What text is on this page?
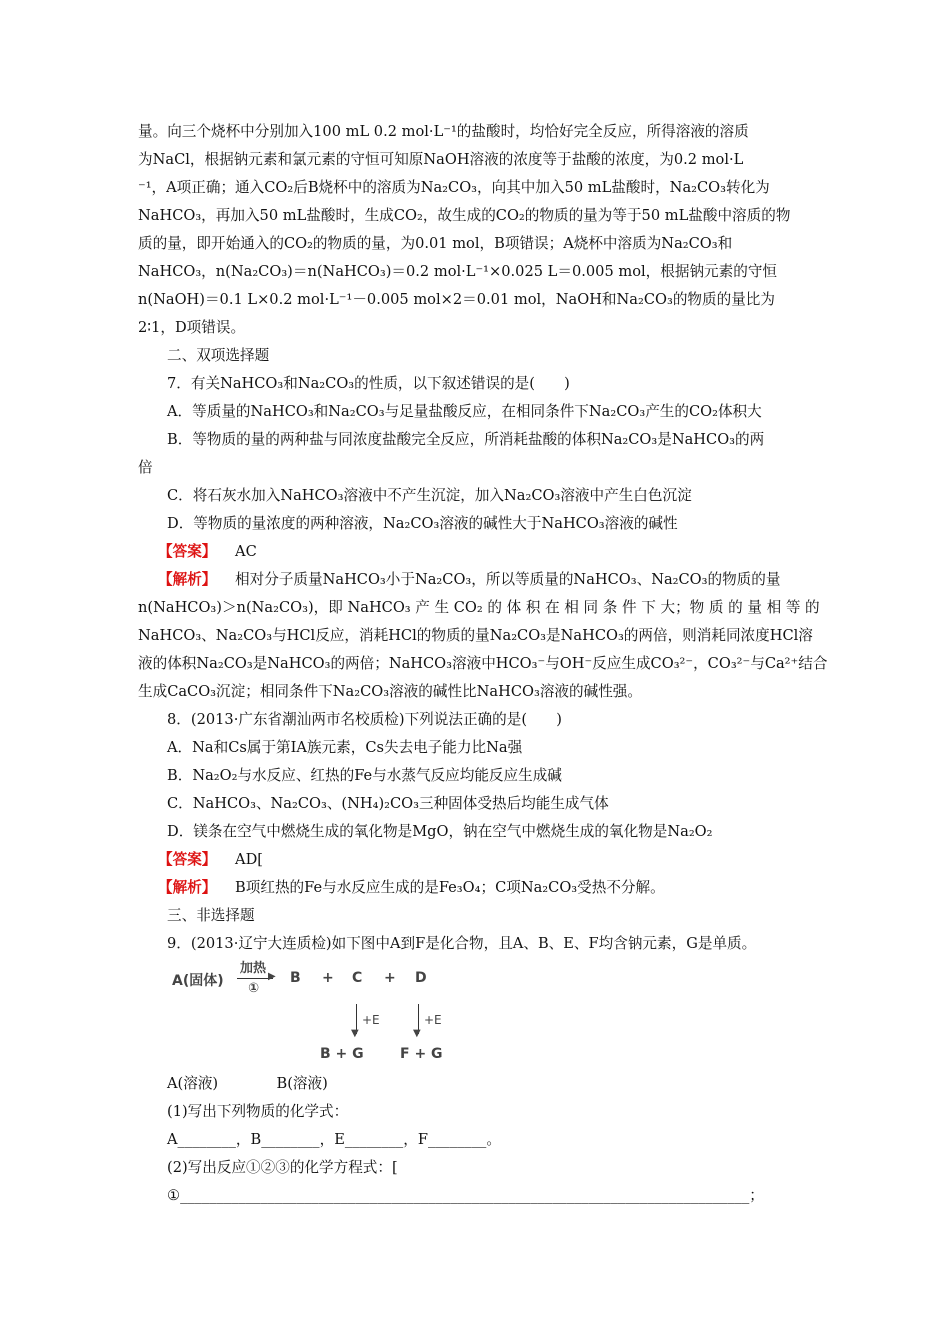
量。向三个烧杯中分别加入100 mL 0.2 mol·L⁻¹的盐酸时，均恰好完全反应，所得溶液的溶质
为NaCl，根据钠元素和氯元素的守恒可知原NaOH溶液的浓度等于盐酸的浓度，为0.2 mol·L
⁻¹，A项正确；通入CO₂后B烧杯中的溶质为Na₂CO₃，向其中加入50 mL盐酸时，Na₂CO₃转化为
NaHCO₃，再加入50 mL盐酸时，生成CO₂，故生成的CO₂的物质的量为等于50 mL盐酸中溶质的物
质的量，即开始通入的CO₂的物质的量，为0.01 mol，B项错误；A烧杯中溶质为Na₂CO₃和
NaHCO₃，n(Na₂CO₃)＝n(NaHCO₃)＝0.2 mol·L⁻¹×0.025 L＝0.005 mol，根据钠元素的守恒
n(NaOH)＝0.1 L×0.2 mol·L⁻¹－0.005 mol×2＝0.01 mol，NaOH和Na₂CO₃的物质的量比为
2∶1，D项错误。
二、双项选择题
7．有关NaHCO₃和Na₂CO₃的性质，以下叙述错误的是(　　)
A．等质量的NaHCO₃和Na₂CO₃与足量盐酸反应，在相同条件下Na₂CO₃产生的CO₂体积大
B．等物质的量的两种盐与同浓度盐酸完全反应，所消耗盐酸的体积Na₂CO₃是NaHCO₃的两
倍
C．将石灰水加入NaHCO₃溶液中不产生沉淀，加入Na₂CO₃溶液中产生白色沉淀
D．等物质的量浓度的两种溶液，Na₂CO₃溶液的碱性大于NaHCO₃溶液的碱性
【答案】 AC
【解析】 相对分子质量NaHCO₃小于Na₂CO₃，所以等质量的NaHCO₃、Na₂CO₃的物质的量
n(NaHCO₃)＞n(Na₂CO₃)，即 NaHCO₃ 产 生 CO₂ 的 体 积 在 相 同 条 件 下 大；物 质 的 量 相 等 的
NaHCO₃、Na₂CO₃与HCl反应，消耗HCl的物质的量Na₂CO₃是NaHCO₃的两倍，则消耗同浓度HCl溶
液的体积Na₂CO₃是NaHCO₃的两倍；NaHCO₃溶液中HCO₃⁻与OH⁻反应生成CO₃²⁻，CO₃²⁻与Ca²⁺结合
生成CaCO₃沉淀；相同条件下Na₂CO₃溶液的碱性比NaHCO₃溶液的碱性强。
8．(2013·广东省潮汕两市名校质检)下列说法正确的是(　　)
A．Na和Cs属于第ⅠA族元素，Cs失去电子能力比Na强
B．Na₂O₂与水反应、红热的Fe与水蒸气反应均能反应生成碱
C．NaHCO₃、Na₂CO₃、(NH₄)₂CO₃三种固体受热后均能生成气体
D．镁条在空气中燃烧生成的氧化物是MgO，钠在空气中燃烧生成的氧化物是Na₂O₂
【答案】 AD[
【解析】 B项红热的Fe与水反应生成的是Fe₃O₄；C项Na₂CO₃受热不分解。
三、非选择题
9．(2013·辽宁大连质检)如下图中A到F是化合物，且A、B、E、F均含钠元素，G是单质。
A(固体)
加热
▶
①
B + C + D
▼
+E
▼
+E
B + G	F + G
A(溶液)　　　　B(溶液)
(1)写出下列物质的化学式：
A________，B________，E________，F________。
(2)写出反应①②③的化学方程式：[
①______________________________________________________________________________；
